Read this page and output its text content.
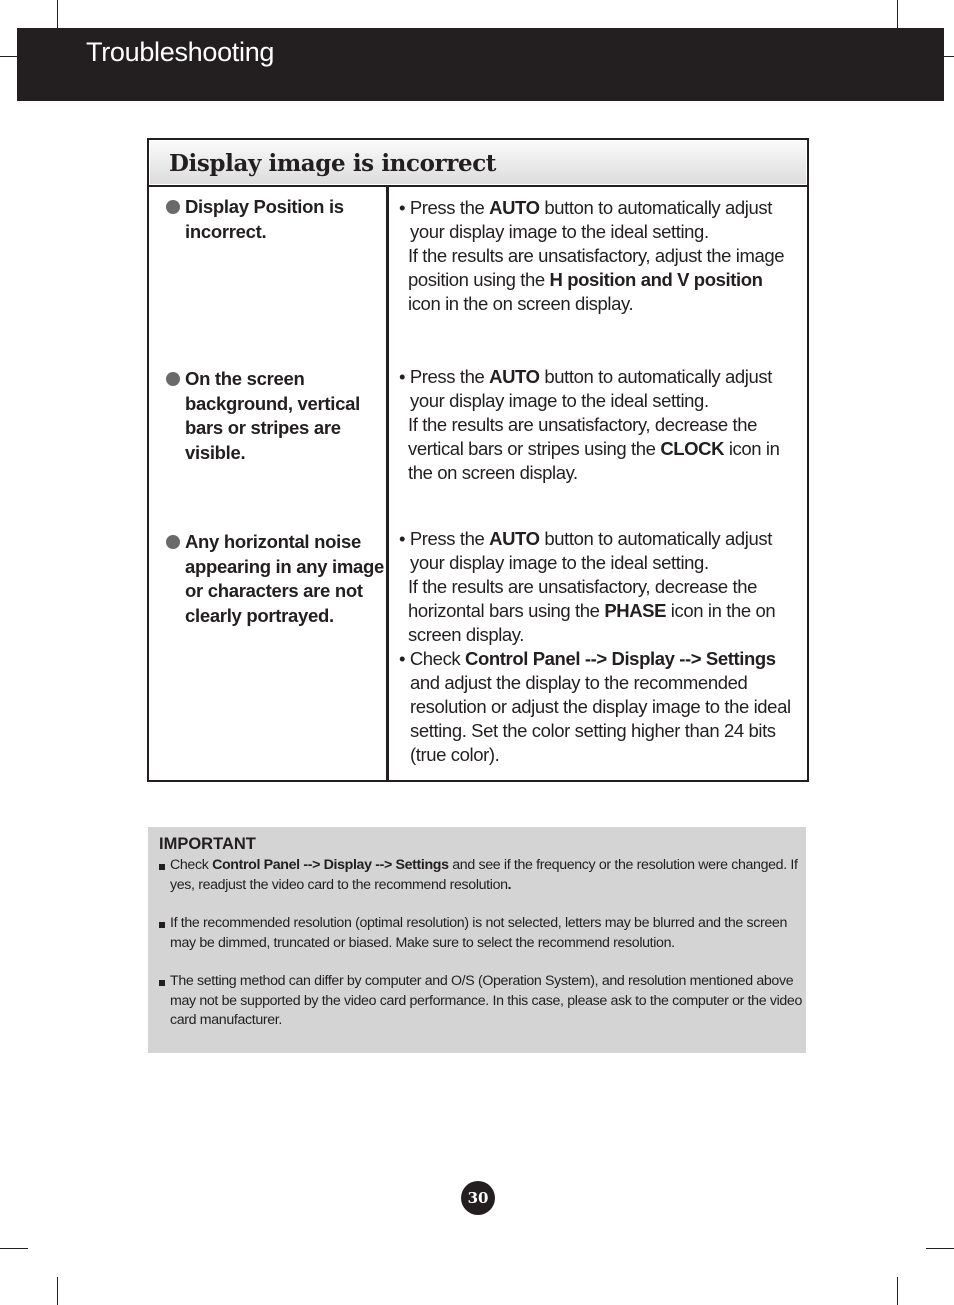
Troubleshooting
Display image is incorrect
Display Position is incorrect.

• Press the AUTO button to automatically adjust your display image to the ideal setting.

If the results are unsatisfactory, adjust the image position using the H position and V position icon in the on screen display.

On the screen background, vertical bars or stripes are visible.

• Press the AUTO button to automatically adjust your display image to the ideal setting.

If the results are unsatisfactory, decrease the vertical bars or stripes using the CLOCK icon in the on screen display.

Any horizontal noise appearing in any image or characters are not clearly portrayed.

• Press the AUTO button to automatically adjust your display image to the ideal setting.

If the results are unsatisfactory, decrease the horizontal bars using the PHASE icon in the on screen display.

• Check Control Panel --> Display --> Settings and adjust the display to the recommended resolution or adjust the display image to the ideal setting. Set the color setting higher than 24 bits (true color).

IMPORTANT
Check Control Panel --> Display --> Settings and see if the frequency or the resolution were changed. If yes, readjust the video card to the recommend resolution.
If the recommended resolution (optimal resolution) is not selected, letters may be blurred and the screen may be dimmed, truncated or biased. Make sure to select the recommend resolution.
The setting method can differ by computer and O/S (Operation System), and resolution mentioned above may not be supported by the video card performance. In this case, please ask to the computer or the video card manufacturer.
30
